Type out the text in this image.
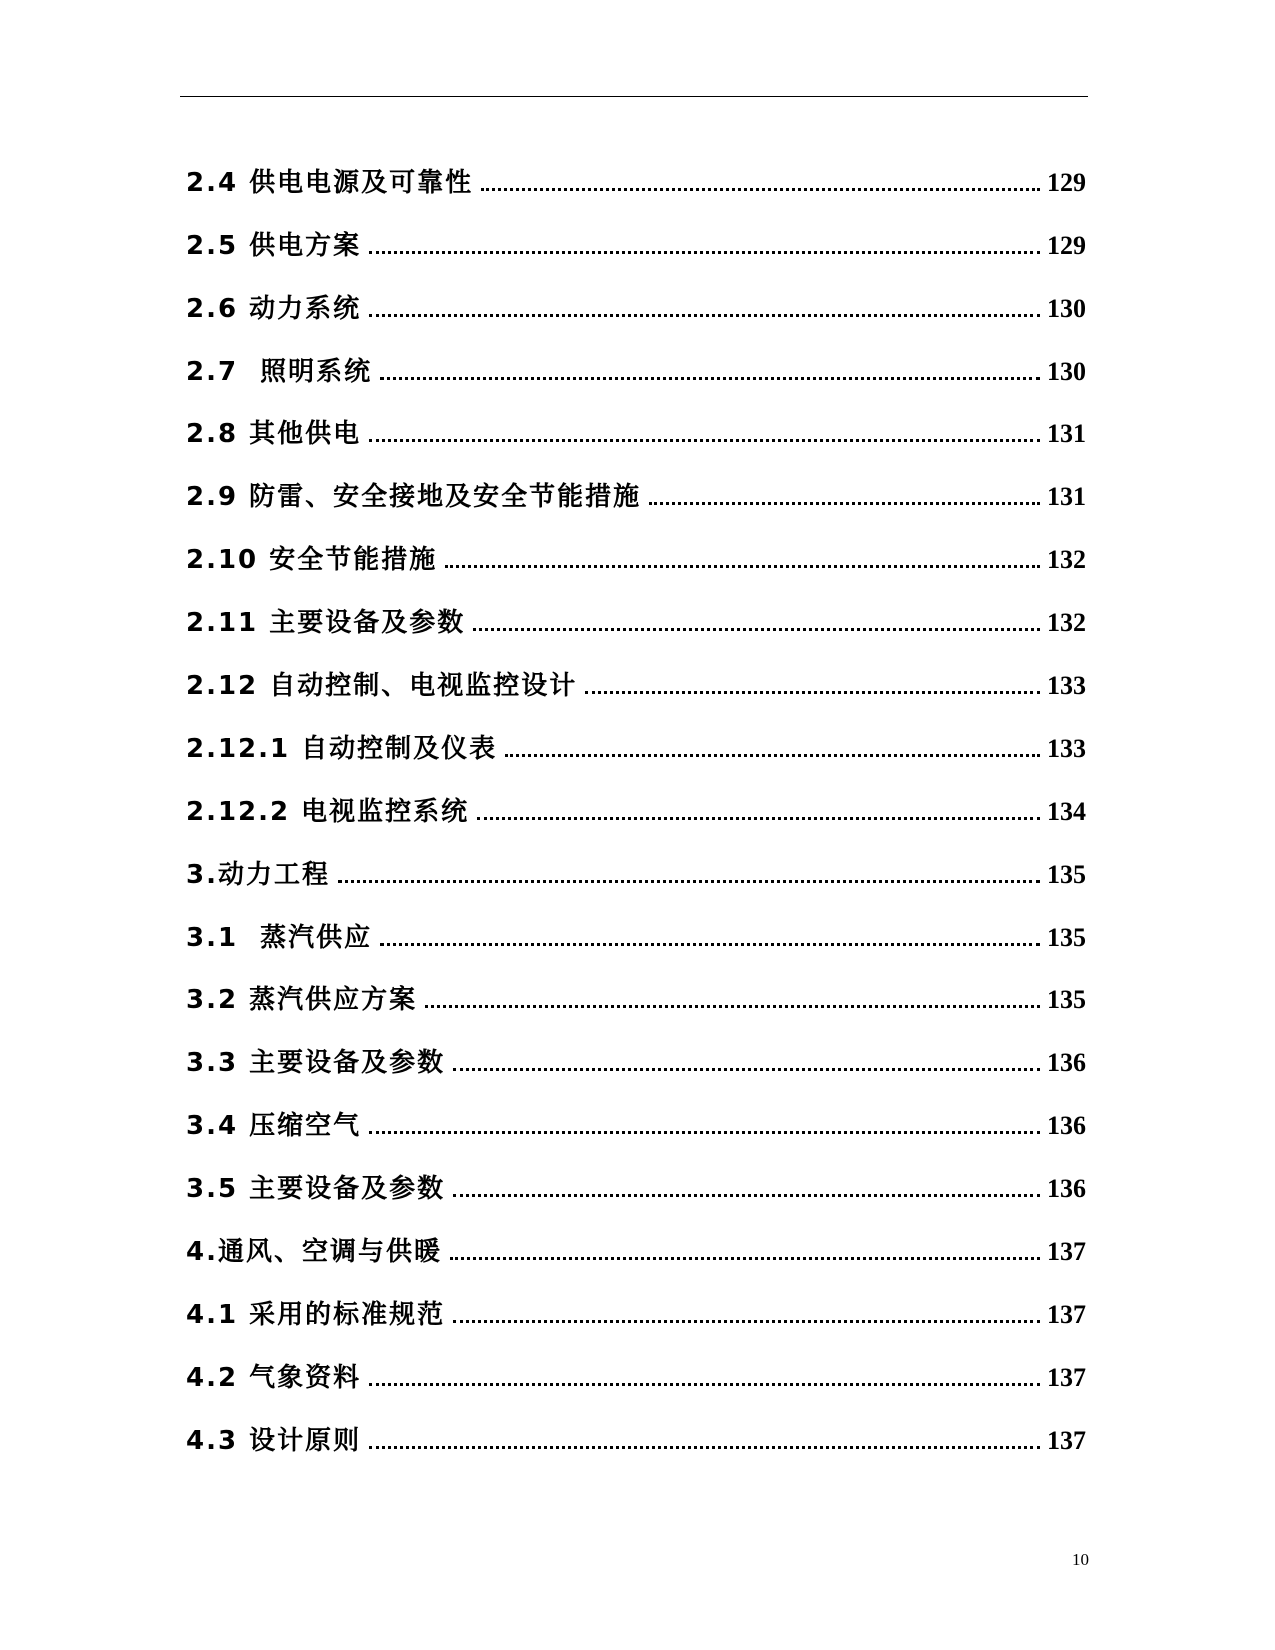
2.4 供电电源及可靠性	129
2.5 供电方案	129
2.6 动力系统	130
2.7  照明系统	130
2.8 其他供电	131
2.9 防雷、安全接地及安全节能措施	131
2.10 安全节能措施	132
2.11 主要设备及参数	132
2.12 自动控制、电视监控设计	133
2.12.1 自动控制及仪表	133
2.12.2 电视监控系统	134
3.动力工程	135
3.1  蒸汽供应	135
3.2 蒸汽供应方案	135
3.3 主要设备及参数	136
3.4 压缩空气	136
3.5 主要设备及参数	136
4.通风、空调与供暖	137
4.1 采用的标准规范	137
4.2 气象资料	137
4.3 设计原则	137
10
